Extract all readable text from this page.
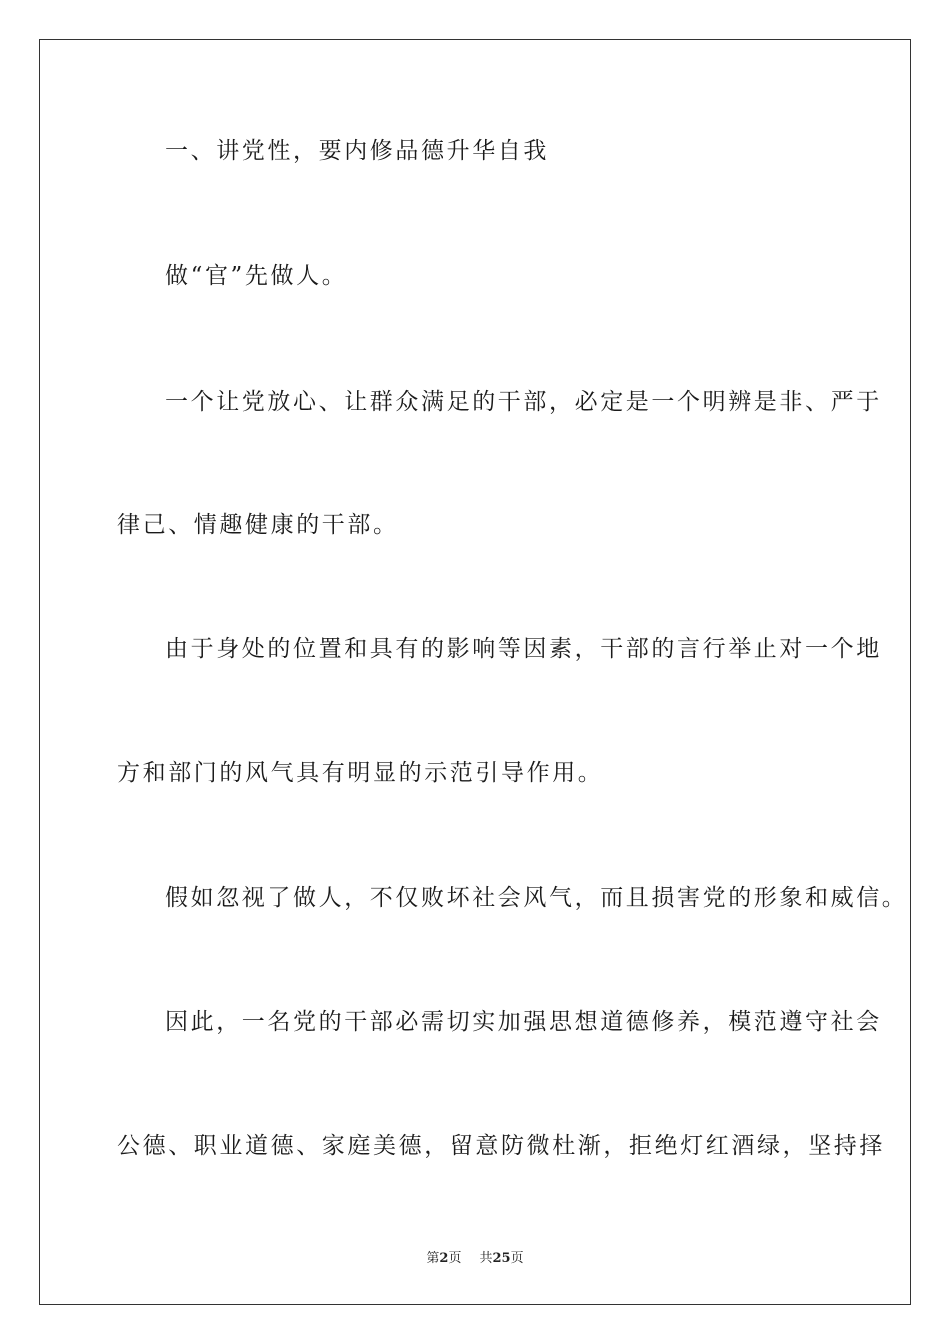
一、讲党性，要内修品德升华自我
做“官”先做人。
一个让党放心、让群众满足的干部，必定是一个明辨是非、严于
律己、情趣健康的干部。
由于身处的位置和具有的影响等因素，干部的言行举止对一个地
方和部门的风气具有明显的示范引导作用。
假如忽视了做人，不仅败坏社会风气，而且损害党的形象和威信。
因此，一名党的干部必需切实加强思想道德修养，模范遵守社会
公德、职业道德、家庭美德，留意防微杜渐，拒绝灯红酒绿，坚持择
第2页 共25页
